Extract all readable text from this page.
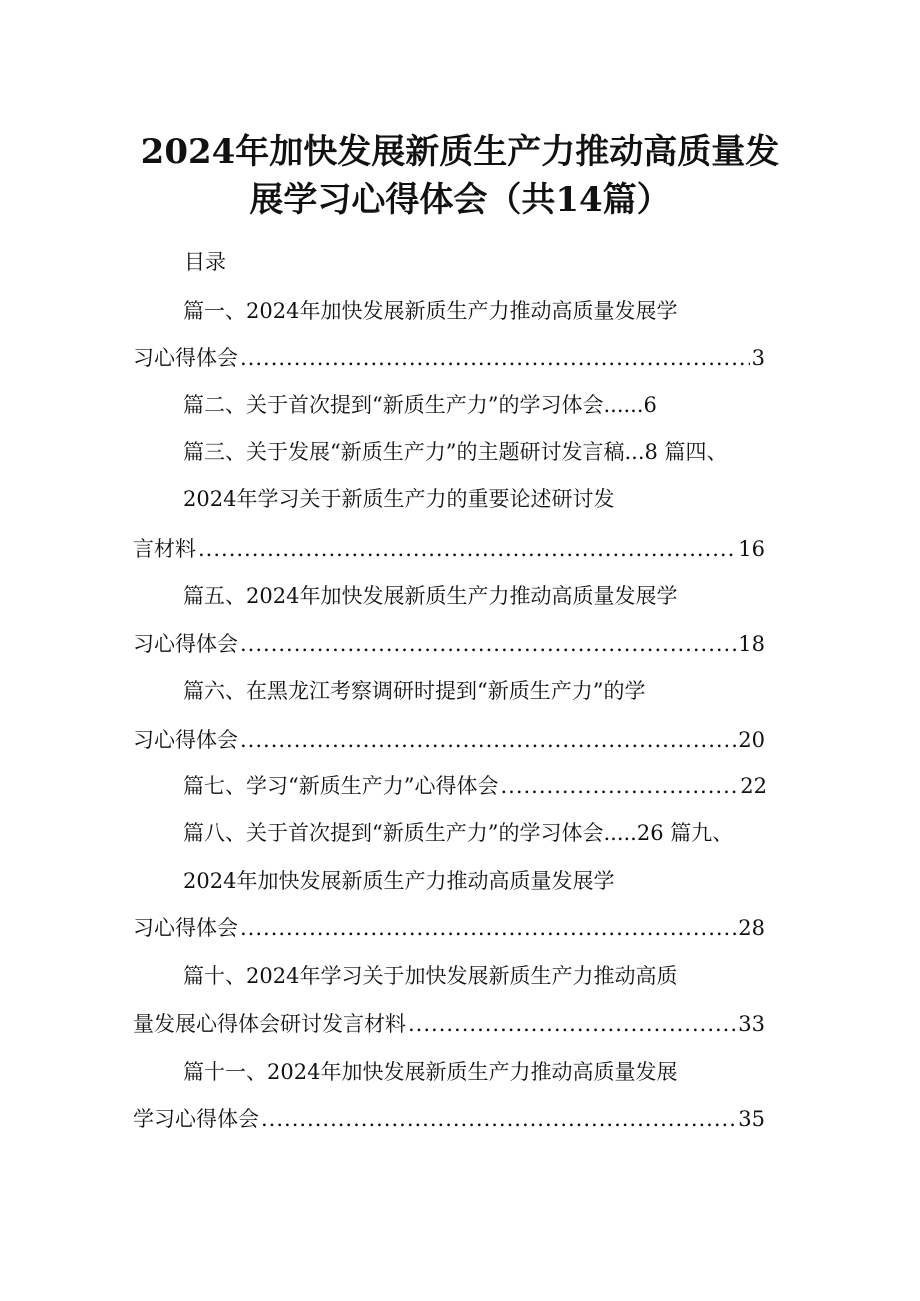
2024年加快发展新质生产力推动高质量发
展学习心得体会（共14篇）
目录
篇一、2024年加快发展新质生产力推动高质量发展学
习心得体会 .....	3
篇二、关于首次提到“新质生产力”的学习体会......6
篇三、关于发展“新质生产力”的主题研讨发言稿...8 篇四、
2024年学习关于新质生产力的重要论述研讨发
言材料 .....	16
篇五、2024年加快发展新质生产力推动高质量发展学
习心得体会 .....	18
篇六、在黑龙江考察调研时提到“新质生产力”的学
习心得体会 .....	20
篇七、学习“新质生产力”心得体会 .....	22
篇八、关于首次提到“新质生产力”的学习体会.....26 篇九、
2024年加快发展新质生产力推动高质量发展学
习心得体会 .....	28
篇十、2024年学习关于加快发展新质生产力推动高质
量发展心得体会研讨发言材料 .....	33
篇十一、2024年加快发展新质生产力推动高质量发展
学习心得体会 .....	35
